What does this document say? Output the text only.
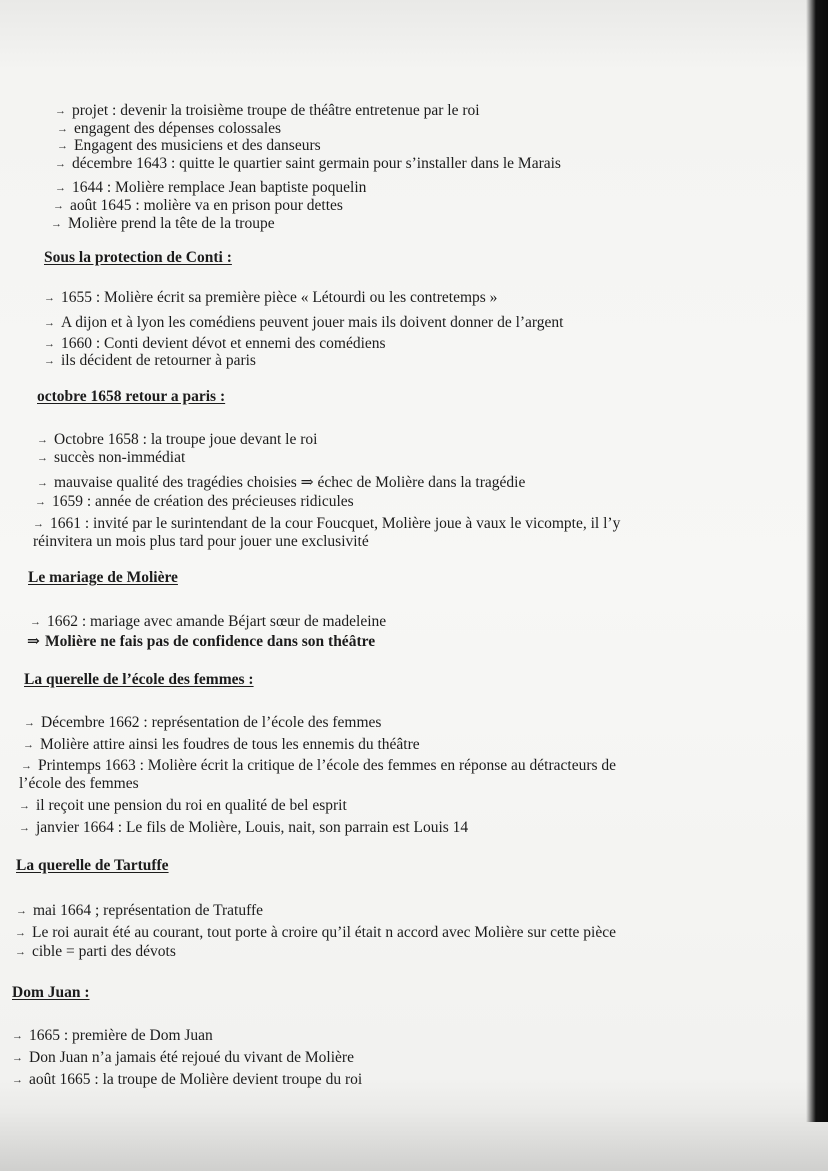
→ projet : devenir la troisième troupe de théâtre entretenue par le roi
→ engagent des dépenses colossales
→ Engagent des musiciens et des danseurs
→ décembre 1643 : quitte le quartier saint germain pour s’installer dans le Marais
→ 1644 : Molière remplace Jean baptiste poquelin
→ août 1645 : molière va en prison pour dettes
→ Molière prend la tête de la troupe
Sous la protection de Conti :
→ 1655 : Molière écrit sa première pièce « Létourdi ou les contretemps »
→ A dijon et à lyon les comédiens peuvent jouer mais ils doivent donner de l’argent
→ 1660 : Conti devient dévot et ennemi des comédiens
→ ils décident de retourner à paris
octobre 1658 retour a paris :
→ Octobre 1658 : la troupe joue devant le roi
→ succès non-immédiat
→ mauvaise qualité des tragédies choisies ⇒ échec de Molière dans la tragédie
→ 1659 : année de création des précieuses ridicules
→ 1661 : invité par le surintendant de la cour Foucquet, Molière joue à vaux le vicompte, il l’y
réinvitera un mois plus tard pour jouer une exclusivité
Le mariage de Molière
→ 1662 : mariage avec amande Béjart sœur de madeleine
⇒ Molière ne fais pas de confidence dans son théâtre
La querelle de l’école des femmes :
→ Décembre 1662 : représentation de l’école des femmes
→ Molière attire ainsi les foudres de tous les ennemis du théâtre
→ Printemps 1663 : Molière écrit la critique de l’école des femmes en réponse au détracteurs de
l’école des femmes
→ il reçoit une pension du roi en qualité de bel esprit
→ janvier 1664 : Le fils de Molière, Louis, nait, son parrain est Louis 14
La querelle de Tartuffe
→ mai 1664 ; représentation de Tratuffe
→ Le roi aurait été au courant, tout porte à croire qu’il était n accord avec Molière sur cette pièce
→ cible = parti des dévots
Dom Juan :
→ 1665 : première de Dom Juan
→ Don Juan n’a jamais été rejoué du vivant de Molière
→ août 1665 : la troupe de Molière devient troupe du roi
